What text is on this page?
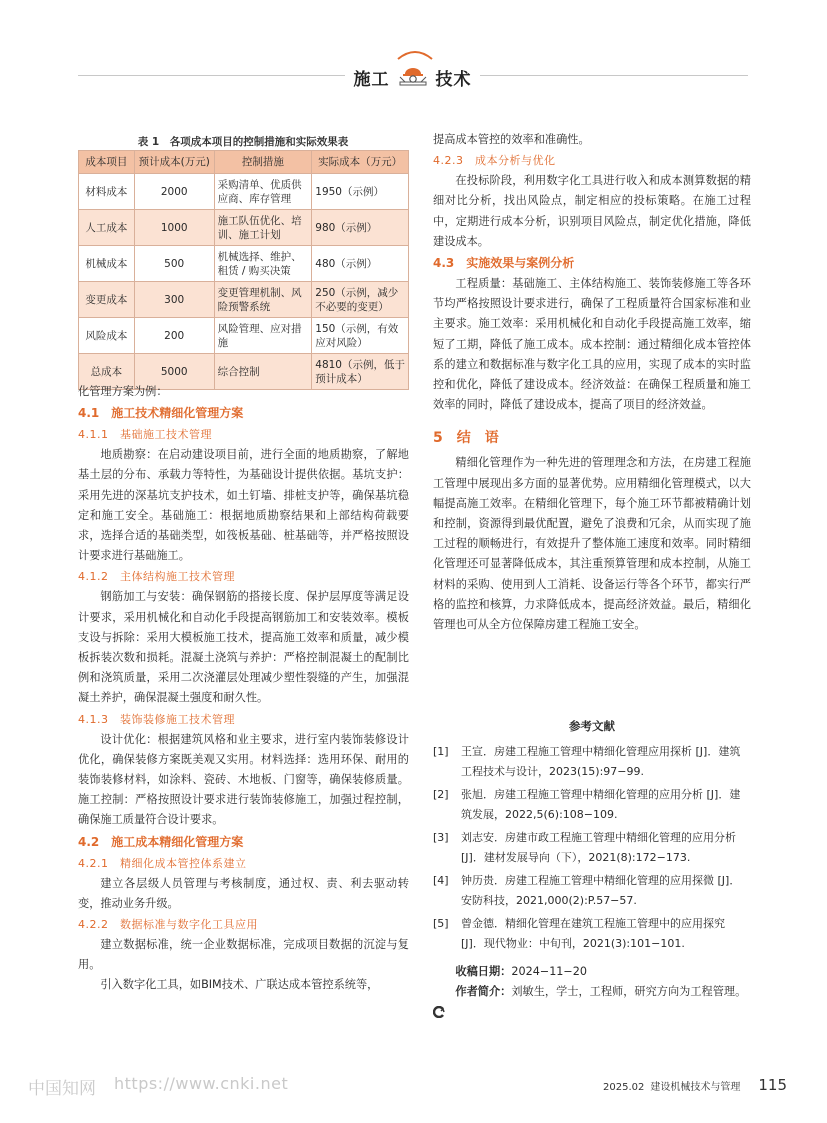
施工	技术
表 1　各项成本项目的控制措施和实际效果表
成本项目	预计成本(万元)	控制措施	实际成本（万元）
材料成本	2000	采购清单、优质供应商、库存管理	1950（示例）
人工成本	1000	施工队伍优化、培训、施工计划	980（示例）
机械成本	500	机械选择、维护、租赁 / 购买决策	480（示例）
变更成本	300	变更管理机制、风险预警系统	250（示例，减少不必要的变更）
风险成本	200	风险管理、应对措施	150（示例，有效应对风险）
总成本	5000	综合控制	4810（示例，低于预计成本）

化管理方案为例：

4.1　施工技术精细化管理方案
4.1.1　基础施工技术管理

地质勘察：在启动建设项目前，进行全面的地质勘察，了解地基土层的分布、承载力等特性，为基础设计提供依据。基坑支护：采用先进的深基坑支护技术，如土钉墙、排桩支护等，确保基坑稳定和施工安全。基础施工：根据地质勘察结果和上部结构荷载要求，选择合适的基础类型，如筏板基础、桩基础等，并严格按照设计要求进行基础施工。

4.1.2　主体结构施工技术管理

钢筋加工与安装：确保钢筋的搭接长度、保护层厚度等满足设计要求，采用机械化和自动化手段提高钢筋加工和安装效率。模板支设与拆除：采用大模板施工技术，提高施工效率和质量，减少模板拆装次数和损耗。混凝土浇筑与养护：严格控制混凝土的配制比例和浇筑质量，采用二次浇灌层处理减少塑性裂缝的产生，加强混凝土养护，确保混凝土强度和耐久性。

4.1.3　装饰装修施工技术管理

设计优化：根据建筑风格和业主要求，进行室内装饰装修设计优化，确保装修方案既美观又实用。材料选择：选用环保、耐用的装饰装修材料，如涂料、瓷砖、木地板、门窗等，确保装修质量。施工控制：严格按照设计要求进行装饰装修施工，加强过程控制，确保施工质量符合设计要求。

4.2　施工成本精细化管理方案
4.2.1　精细化成本管控体系建立

建立各层级人员管理与考核制度，通过权、责、利去驱动转变，推动业务升级。

4.2.2　数据标准与数字化工具应用

建立数据标准，统一企业数据标准，完成项目数据的沉淀与复用。

引入数字化工具，如BIM技术、广联达成本管控系统等，

提高成本管控的效率和准确性。

4.2.3　成本分析与优化

在投标阶段，利用数字化工具进行收入和成本测算数据的精细对比分析，找出风险点，制定相应的投标策略。在施工过程中，定期进行成本分析，识别项目风险点，制定优化措施，降低建设成本。

4.3　实施效果与案例分析

工程质量：基础施工、主体结构施工、装饰装修施工等各环节均严格按照设计要求进行，确保了工程质量符合国家标准和业主要求。施工效率：采用机械化和自动化手段提高施工效率，缩短了工期，降低了施工成本。成本控制：通过精细化成本管控体系的建立和数据标准与数字化工具的应用，实现了成本的实时监控和优化，降低了建设成本。经济效益：在确保工程质量和施工效率的同时，降低了建设成本，提高了项目的经济效益。

5　结　语

精细化管理作为一种先进的管理理念和方法，在房建工程施工管理中展现出多方面的显著优势。应用精细化管理模式，以大幅提高施工效率。在精细化管理下，每个施工环节都被精确计划和控制，资源得到最优配置，避免了浪费和冗余，从而实现了施工过程的顺畅进行，有效提升了整体施工速度和效率。同时精细化管理还可显著降低成本，其注重预算管理和成本控制，从施工材料的采购、使用到人工消耗、设备运行等各个环节，都实行严格的监控和核算，力求降低成本，提高经济效益。最后，精细化管理也可从全方位保障房建工程施工安全。

参考文献
[1]	王宣．房建工程施工管理中精细化管理应用探析 [J]．建筑工程技术与设计，2023(15):97−99.
[2]	张旭．房建工程施工管理中精细化管理的应用分析 [J]．建筑发展，2022,5(6):108−109.
[3]	刘志安．房建市政工程施工管理中精细化管理的应用分析 [J]．建材发展导向（下），2021(8):172−173.
[4]	钟历贵．房建工程施工管理中精细化管理的应用探微 [J]．安防科技，2021,000(2):P.57−57.
[5]	曾金德．精细化管理在建筑工程施工管理中的应用探究 [J]．现代物业：中旬刊，2021(3):101−101.

收稿日期：2024−11−20

作者简介：刘敏生，学士，工程师，研究方向为工程管理。

中国知网 https://www.cnki.net	2025.02 建设机械技术与管理 115
